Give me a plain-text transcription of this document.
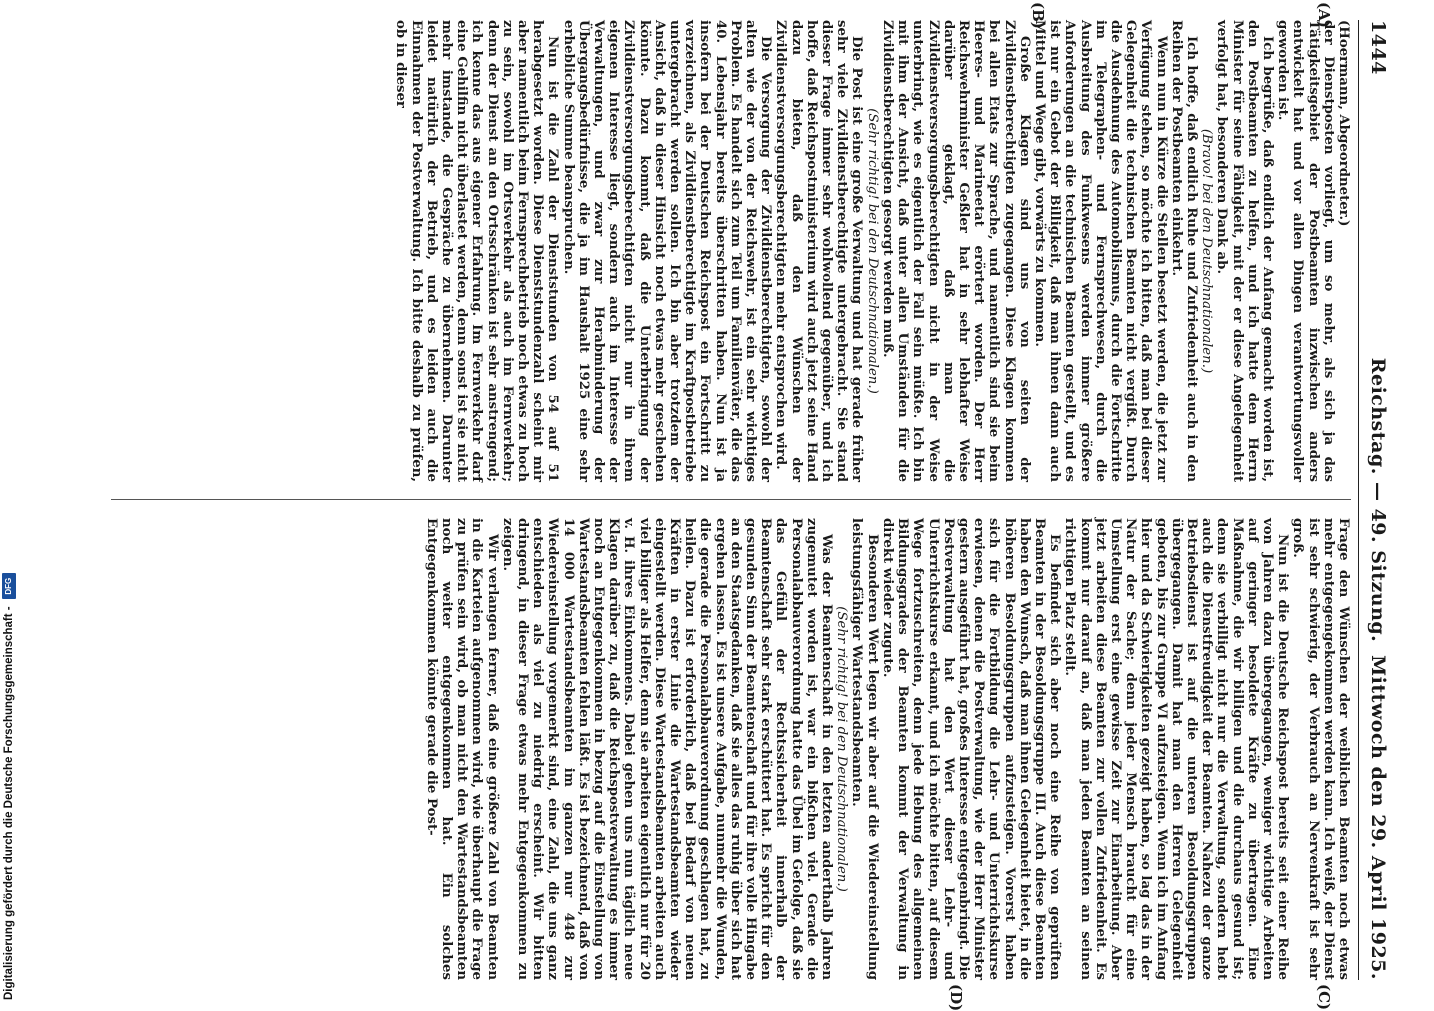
1444
Reichstag. — 49. Sitzung.
Mittwoch den 29. April 1925.
(A)
(B)
(C)
(D)

(Hoermann, Abgeordneter.)

der Dienstposten vorliegt, um so mehr, als sich ja das Tätigkeitsgebiet der Postbeamten inzwischen anders entwickelt hat und vor allen Dingen verantwortungsvoller geworden ist.

Ich begrüße, daß endlich der Anfang gemacht worden ist, den Postbeamten zu helfen, und ich hatte dem Herrn Minister für seine Fähigkeit, mit der er diese Angelegenheit verfolgt hat, besonderen Dank ab.

(Bravo! bei den Deutschnationalen.)

Ich hoffe, daß endlich Ruhe und Zufriedenheit auch in den Reihen der Postbeamten einkehrt.

Wenn nun in Kürze die Stellen besetzt werden, die jetzt zur Verfügung stehen, so möchte ich bitten, daß man bei dieser Gelegenheit die technischen Beamten nicht vergißt. Durch die Ausdehnung des Automobilismus, durch die Fortschritte im Telegraphen- und Fernsprechwesen, durch die Ausbreitung des Funkwesens werden immer größere Anforderungen an die technischen Beamten gestellt, und es ist nur ein Gebot der Billigkeit, daß man ihnen dann auch Mittel und Wege gibt, vorwärts zu kommen.

Große Klagen sind uns von seiten der Zivildienstberechtigten zugegangen. Diese Klagen kommen bei allen Etats zur Sprache, und namentlich sind sie beim Heeres- und Marineetat erörtert worden. Der Herr Reichswehrminister Geßler hat in sehr lebhafter Weise darüber geklagt, daß man die Zivildienstversorgungsberechtigten nicht in der Weise unterbringt, wie es eigentlich der Fall sein müßte. Ich bin mit ihm der Ansicht, daß unter allen Umständen für die Zivildienstberechtigten gesorgt werden muß.

(Sehr richtig! bei den Deutschnationalen.)

Die Post ist eine große Verwaltung und hat gerade früher sehr viele Zivildienstberechtigte untergebracht. Sie stand dieser Frage immer sehr wohlwollend gegenüber, und ich hoffe, daß Reichspostministerium wird auch jetzt seine Hand dazu bieten, daß den Wünschen der Zivildienstversorgungsberechtigten mehr entsprochen wird.

Die Versorgung der Zivildienstberechtigten, sowohl der alten wie der von der Reichswehr, ist ein sehr wichtiges Problem. Es handelt sich zum Teil um Familienväter, die das 40. Lebensjahr bereits überschritten haben. Nun ist ja insofern bei der Deutschen Reichspost ein Fortschritt zu verzeichnen, als Zivildienstberechtigte im Kraftpostbetriebe untergebracht werden sollen. Ich bin aber trotzdem der Ansicht, daß in dieser Hinsicht noch etwas mehr geschehen könnte. Dazu kommt, daß die Unterbringung der Zivildienstversorgungsberechtigten nicht nur in ihrem eigenen Interesse liegt, sondern auch im Interesse der Verwaltungen, und zwar zur Herabminderung der Übergangsbedürfnisse, die ja im Haushalt 1925 eine sehr erhebliche Summe beanspruchen.

Nun ist die Zahl der Dienststunden von 54 auf 51 herabgesetzt worden. Diese Dienststundenzahl scheint mir aber namentlich beim Fernsprechbetrieb noch etwas zu hoch zu sein, sowohl im Ortsverkehr als auch im Fernverkehr; denn der Dienst an den Ortsschränken ist sehr anstrengend; ich kenne das aus eigener Erfahrung. Im Fernverkehr darf eine Gehilfin nicht überlastet werden, denn sonst ist sie nicht mehr imstande, die Gespräche zu übernehmen. Darunter leidet natürlich der Betrieb, und es leiden auch die Einnahmen der Postverwaltung. Ich bitte deshalb zu prüfen, ob in dieser

Frage den Wünschen der weiblichen Beamten noch etwas mehr entgegengekommen werden kann. Ich weiß, der Dienst ist sehr schwierig, der Verbrauch an Nervenkraft ist sehr groß.

Nun ist die Deutsche Reichspost bereits seit einer Reihe von Jahren dazu übergegangen, weniger wichtige Arbeiten auf geringer besoldete Kräfte zu übertragen. Eine Maßnahme, die wir billigen und die durchaus gesund ist; denn sie verbilligt nicht nur die Verwaltung, sondern hebt auch die Dienstfreudigkeit der Beamten. Nahezu der ganze Betriebsdienst ist auf die unteren Besoldungsgruppen übergegangen. Damit hat man den Herren Gelegenheit geboten, bis zur Gruppe VI aufzusteigen. Wenn ich im Anfang hier und da Schwierigkeiten gezeigt haben, so lag das in der Natur der Sache; denn jeder Mensch braucht für eine Umstellung erst eine gewisse Zeit zur Einarbeitung. Aber jetzt arbeiten diese Beamten zur vollen Zufriedenheit. Es kommt nur darauf an, daß man jeden Beamten an seinen richtigen Platz stellt.

Es befindet sich aber noch eine Reihe von geprüften Beamten in der Besoldungsgruppe III. Auch diese Beamten haben den Wunsch, daß man ihnen Gelegenheit bietet, in die höheren Besoldungsgruppen aufzusteigen. Vorerst haben sich für die Fortbildung die Lehr- und Unterrichtskurse erwiesen, denen die Postverwaltung, wie der Herr Minister gestern ausgeführt hat, großes Interesse entgegenbringt. Die Postverwaltung hat den Wert dieser Lehr- und Unterrichtskurse erkannt, und ich möchte bitten, auf diesem Wege fortzuschreiten, denn jede Hebung des allgemeinen Bildungsgrades der Beamten kommt der Verwaltung in direkt wieder zugute.

Besonderen Wert legen wir aber auf die Wiedereinstellung leistungsfähiger Wartestandsbeamten.

(Sehr richtig! bei den Deutschnationalen.)

Was der Beamtenschaft in den letzten anderthalb Jahren zugemutet worden ist, war ein bißchen viel. Gerade die Personalabbauverordnung hatte das Übel im Gefolge, daß sie das Gefühl der Rechtssicherheit innerhalb der Beamtenschaft sehr stark erschüttert hat. Es spricht für den gesunden Sinn der Beamtenschaft und für ihre volle Hingabe an den Staatsgedanken, daß sie alles das ruhig über sich hat ergehen lassen. Es ist unsere Aufgabe, nunmehr die Wunden, die gerade die Personalabbauverordnung geschlagen hat, zu heilen. Dazu ist erforderlich, daß bei Bedarf von neuen Kräften in erster Linie die Wartestandsbeamten wieder eingestellt werden. Diese Wartestandsbeamten arbeiten auch viel billiger als Helfer, denn sie arbeiten eigentlich nur für 20 v. H. ihres Einkommens. Dabei gehen uns nun täglich neue Klagen darüber zu, daß die Reichspostverwaltung es immer noch an Entgegenkommen in bezug auf die Einstellung von Wartestandsbeamten fehlen läßt. Es ist bezeichnend, daß von 14 000 Wartestandsbeamten im ganzen nur 448 zur Wiedereinstellung vorgemerkt sind, eine Zahl, die uns ganz entschieden als viel zu niedrig erscheint. Wir bitten dringend, in dieser Frage etwas mehr Entgegenkommen zu zeigen.

Wir verlangen ferner, daß eine größere Zahl von Beamten in die Karteien aufgenommen wird, wie überhaupt die Frage zu prüfen sein wird, ob man nicht den Wartestandsbeamten noch weiter entgegenkommen hat. Ein solches Entgegenkommen könnte gerade die Post-

Digitalisierung gefördert durch die Deutsche Forschungsgemeinschaft - DFG
